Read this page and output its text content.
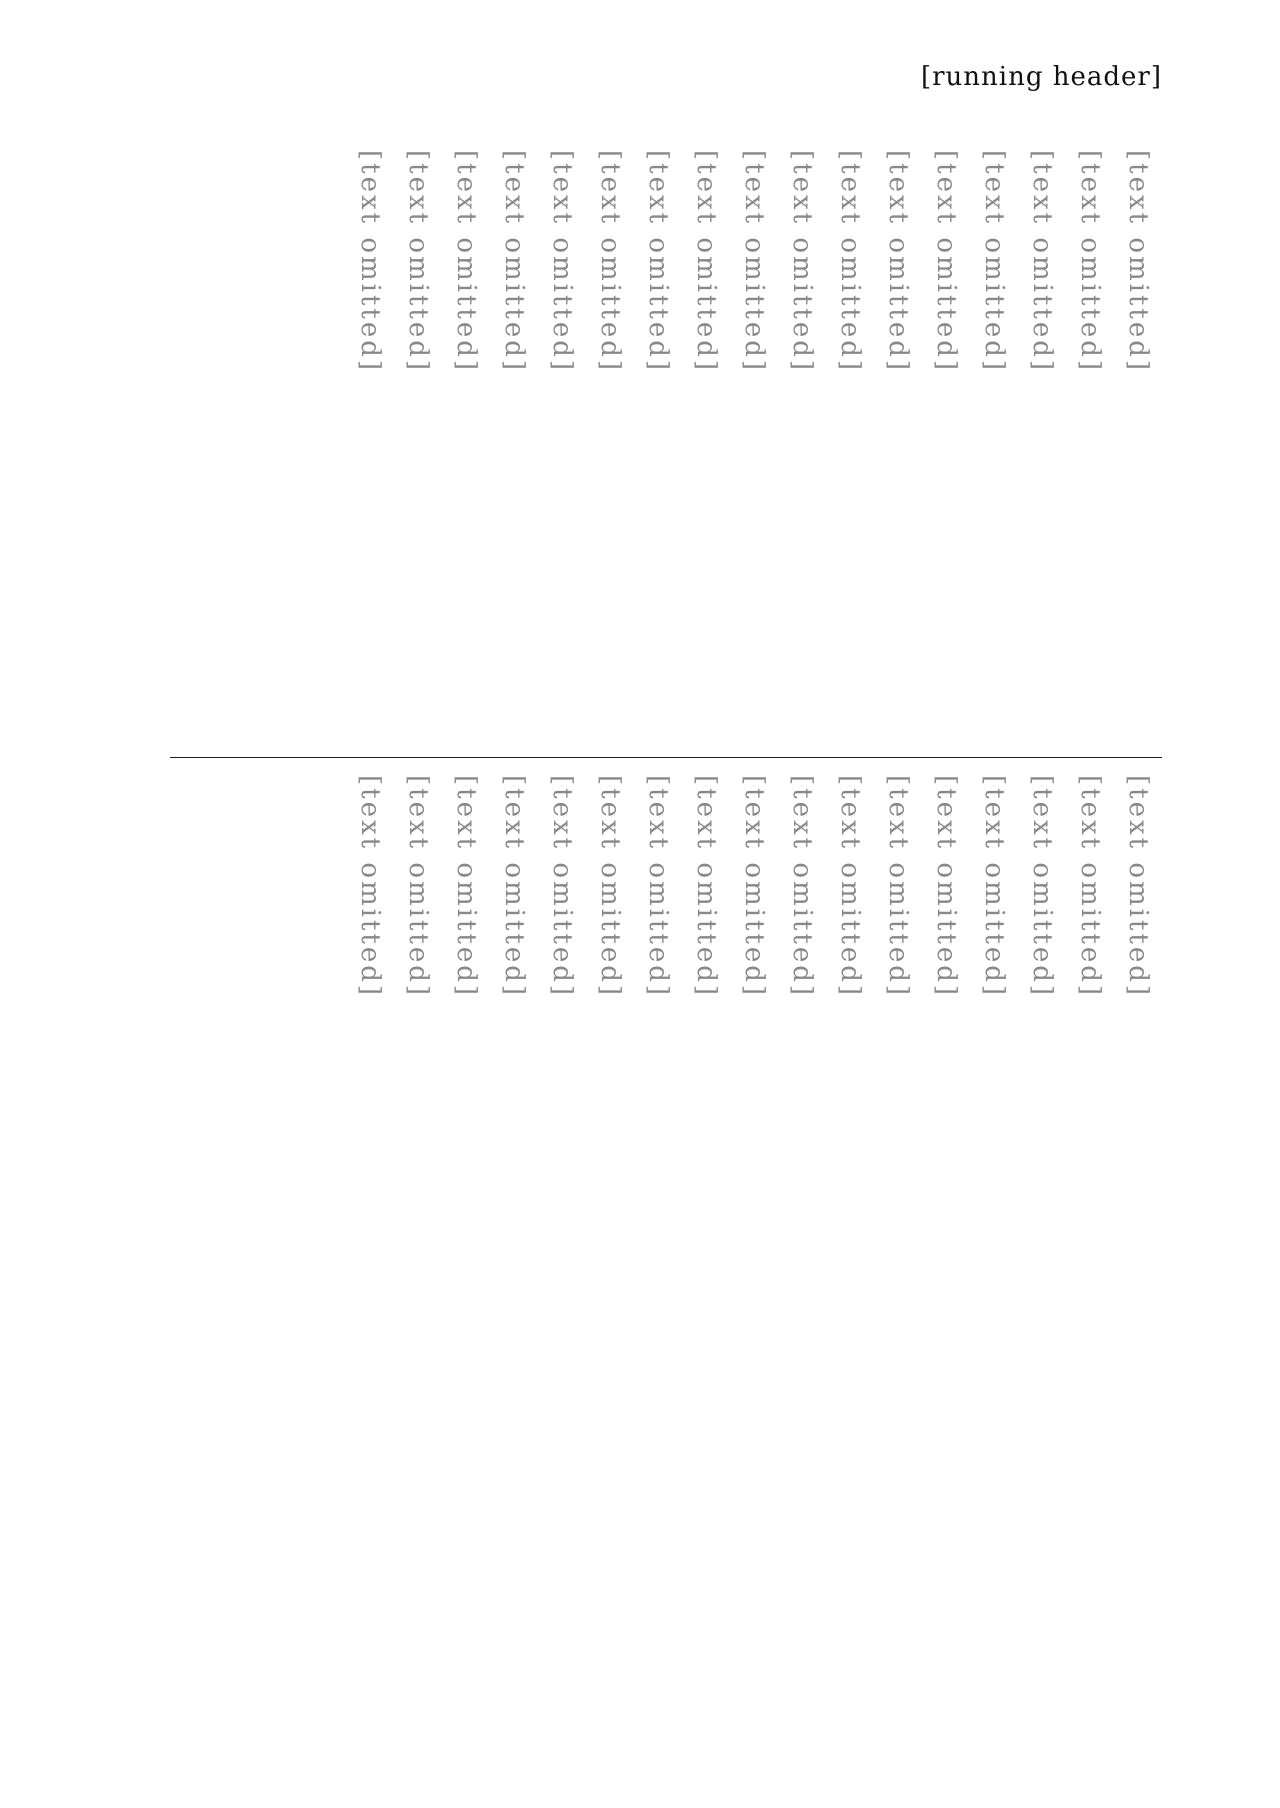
[running header]
[text omitted]
[text omitted]
[text omitted]
[text omitted]
[text omitted]
[text omitted]
[text omitted]
[text omitted]
[text omitted]
[text omitted]
[text omitted]
[text omitted]
[text omitted]
[text omitted]
[text omitted]
[text omitted]
[text omitted]
[text omitted]
[text omitted]
[text omitted]
[text omitted]
[text omitted]
[text omitted]
[text omitted]
[text omitted]
[text omitted]
[text omitted]
[text omitted]
[text omitted]
[text omitted]
[text omitted]
[text omitted]
[text omitted]
[text omitted]
